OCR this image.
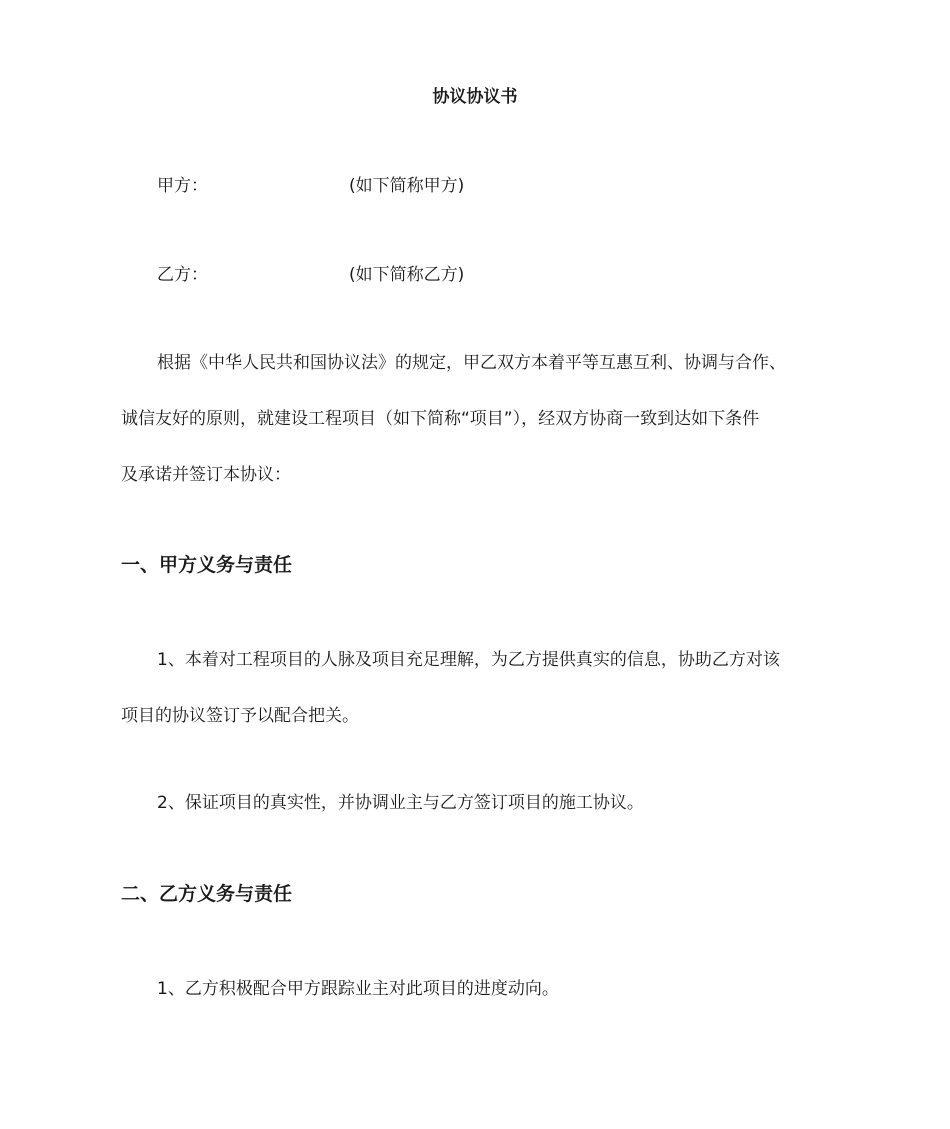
协议协议书
甲方：	(如下简称甲方)
乙方：	(如下简称乙方)
根据《中华人民共和国协议法》的规定，甲乙双方本着平等互惠互利、协调与合作、
诚信友好的原则，就建设工程项目（如下简称“项目”），经双方协商一致到达如下条件
及承诺并签订本协议：
一、甲方义务与责任
1、本着对工程项目的人脉及项目充足理解，为乙方提供真实的信息，协助乙方对该
项目的协议签订予以配合把关。
2、保证项目的真实性，并协调业主与乙方签订项目的施工协议。
二、乙方义务与责任
1、乙方积极配合甲方跟踪业主对此项目的进度动向。
